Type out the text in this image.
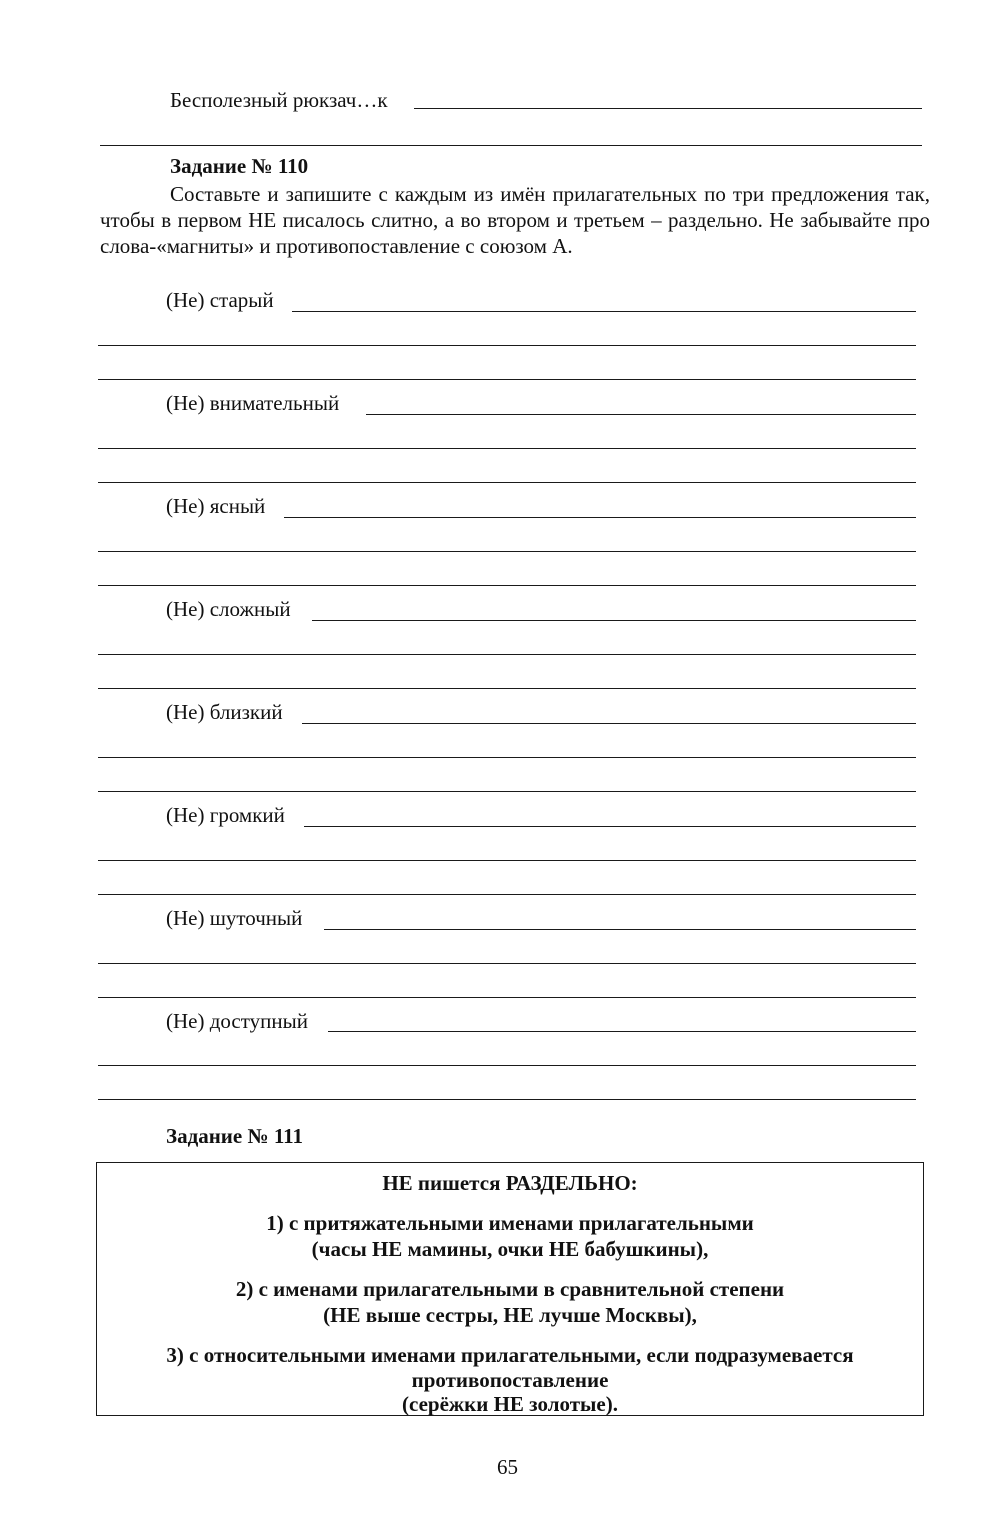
Бесполезный рюкзач…к
Задание № 110
Составьте и запишите с каждым из имён прилагательных по три предложения так, чтобы в первом НЕ писалось слитно, а во втором и третьем – раздельно. Не забывайте про слова-«магниты» и противопоставление с союзом А.
(Не) старый
(Не) внимательный
(Не) ясный
(Не) сложный
(Не) близкий
(Не) громкий
(Не) шуточный
(Не) доступный
Задание № 111
НЕ пишется РАЗДЕЛЬНО:
1) с притяжательными именами прилагательными
(часы НЕ мамины, очки НЕ бабушкины),
2) с именами прилагательными в сравнительной степени
(НЕ выше сестры, НЕ лучше Москвы),
3) с относительными именами прилагательными, если подразумевается
противопоставление
(серёжки НЕ золотые).
65
